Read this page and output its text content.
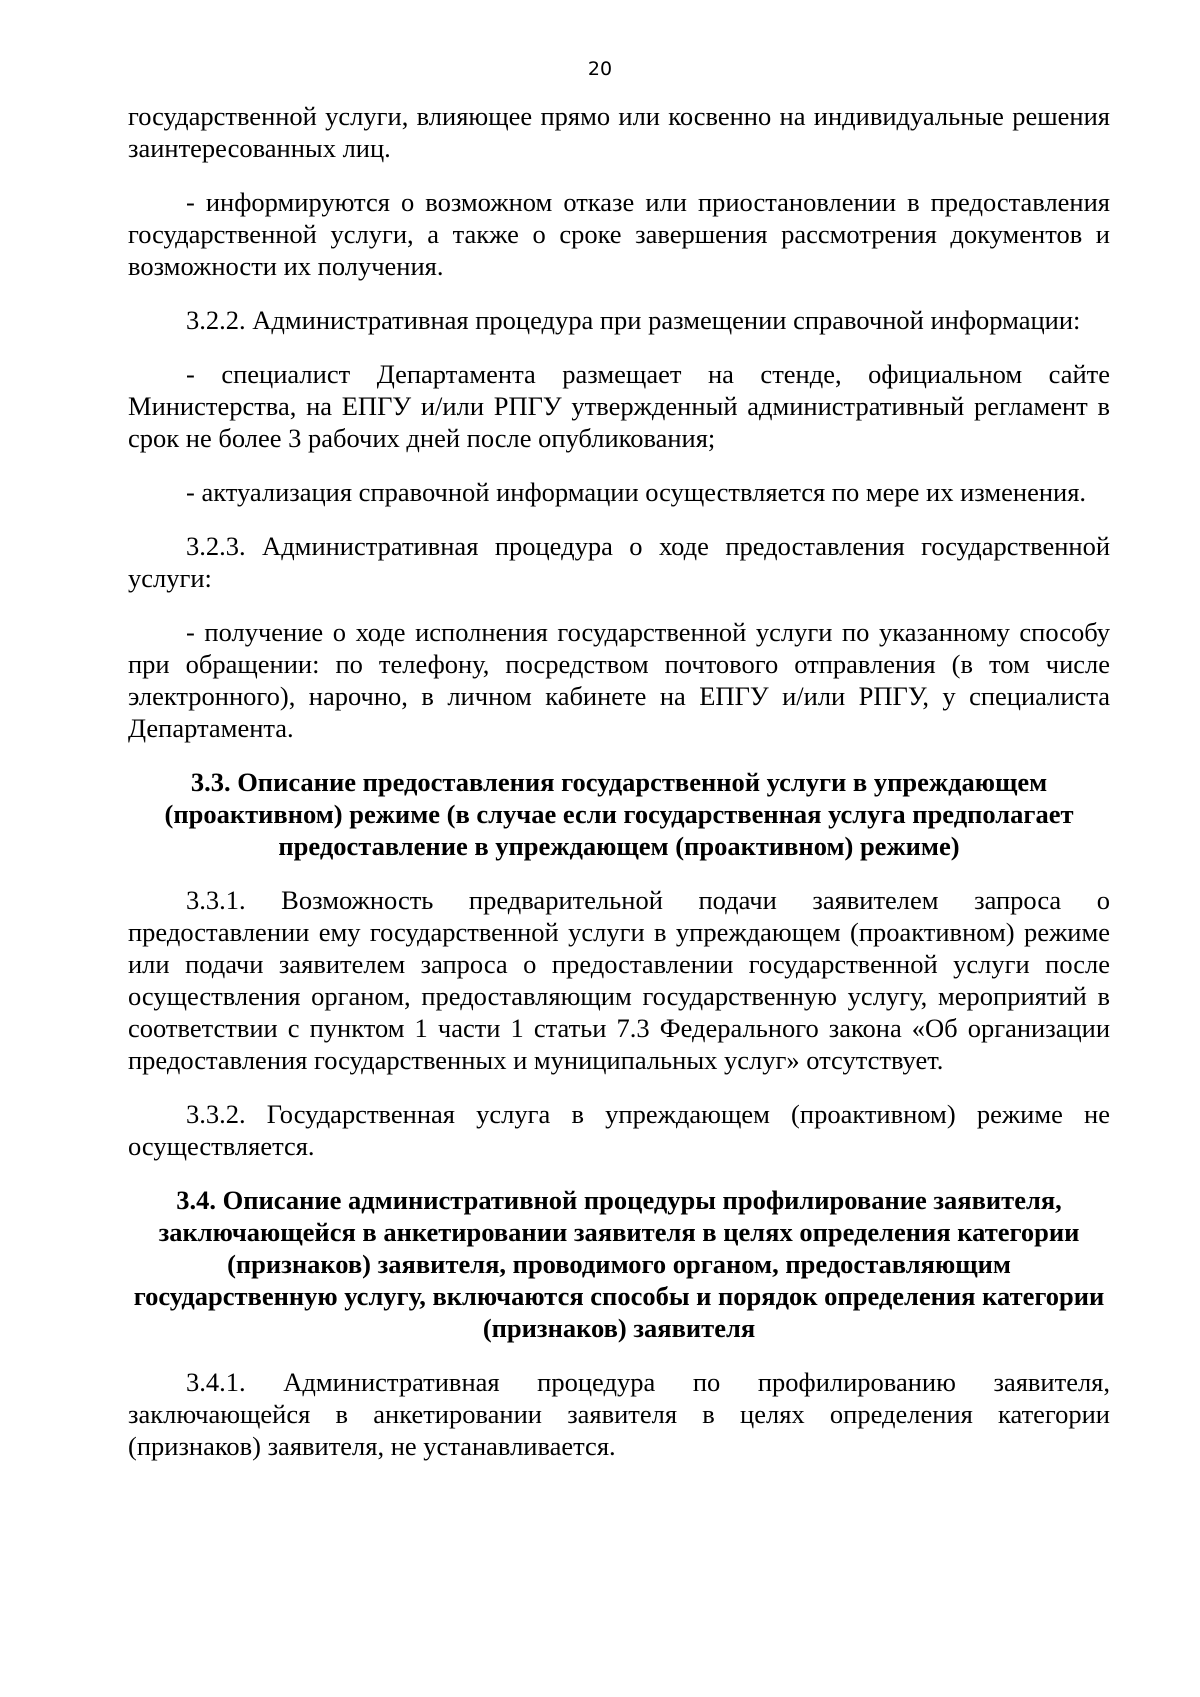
20

государственной услуги, влияющее прямо или косвенно на индивидуальные решения заинтересованных лиц.

- информируются о возможном отказе или приостановлении в предоставления государственной услуги, а также о сроке завершения рассмотрения документов и возможности их получения.

3.2.2. Административная процедура при размещении справочной информации:

- специалист Департамента размещает на стенде, официальном сайте Министерства, на ЕПГУ и/или РПГУ утвержденный административный регламент в срок не более 3 рабочих дней после опубликования;

- актуализация справочной информации осуществляется по мере их изменения.

3.2.3. Административная процедура о ходе предоставления государственной услуги:

- получение о ходе исполнения государственной услуги по указанному способу при обращении: по телефону, посредством почтового отправления (в том числе электронного), нарочно, в личном кабинете на ЕПГУ и/или РПГУ, у специалиста Департамента.

3.3. Описание предоставления государственной услуги в упреждающем (проактивном) режиме (в случае если государственная услуга предполагает предоставление в упреждающем (проактивном) режиме)

3.3.1. Возможность предварительной подачи заявителем запроса о предоставлении ему государственной услуги в упреждающем (проактивном) режиме или подачи заявителем запроса о предоставлении государственной услуги после осуществления органом, предоставляющим государственную услугу, мероприятий в соответствии с пунктом 1 части 1 статьи 7.3 Федерального закона «Об организации предоставления государственных и муниципальных услуг» отсутствует.

3.3.2. Государственная услуга в упреждающем (проактивном) режиме не осуществляется.

3.4. Описание административной процедуры профилирование заявителя, заключающейся в анкетировании заявителя в целях определения категории (признаков) заявителя, проводимого органом, предоставляющим государственную услугу, включаются способы и порядок определения категории (признаков) заявителя

3.4.1. Административная процедура по профилированию заявителя, заключающейся в анкетировании заявителя в целях определения категории (признаков) заявителя, не устанавливается.
